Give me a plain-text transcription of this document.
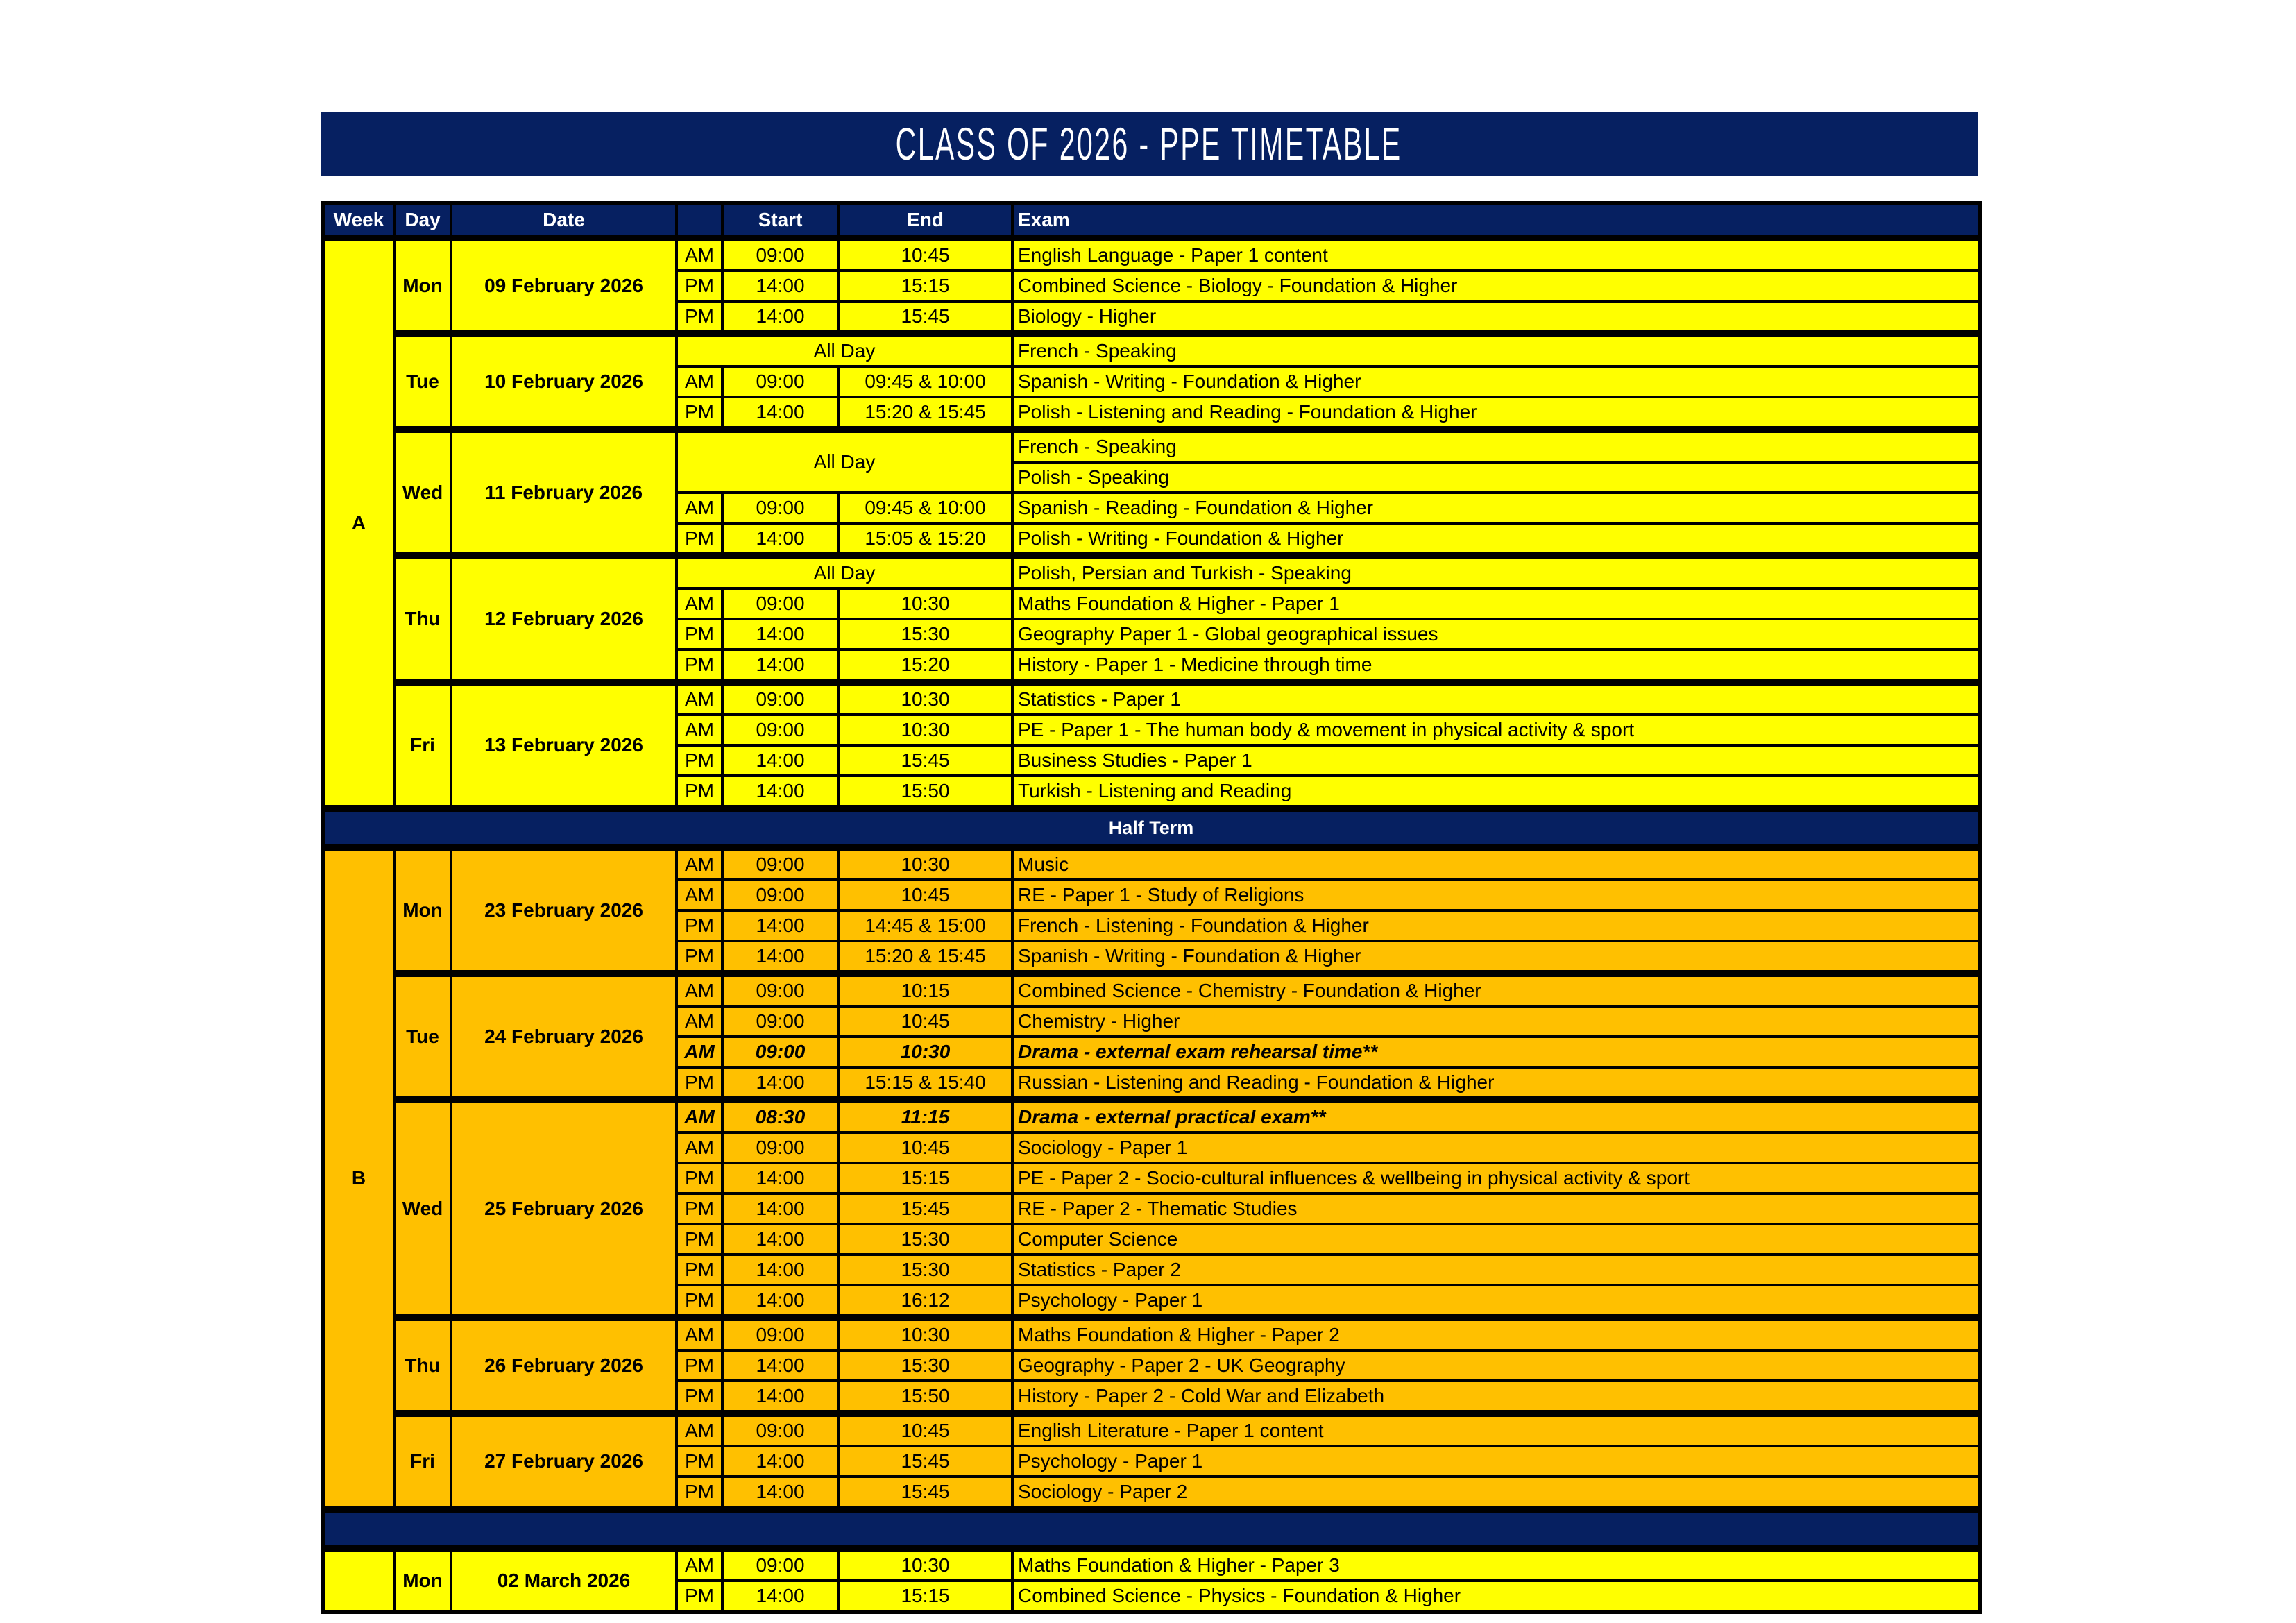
CLASS OF 2026 - PPE TIMETABLE
Week	Day	Date		Start	End	Exam
A	Mon	09 February 2026	AM	09:00	10:45	English Language - Paper 1 content
			PM	14:00	15:15	Combined Science - Biology - Foundation & Higher
			PM	14:00	15:45	Biology - Higher
	Tue	10 February 2026	All Day			French - Speaking
			AM	09:00	09:45 & 10:00	Spanish - Writing - Foundation & Higher
			PM	14:00	15:20 & 15:45	Polish - Listening and Reading - Foundation & Higher
	Wed	11 February 2026	All Day			French - Speaking
						Polish - Speaking
			AM	09:00	09:45 & 10:00	Spanish - Reading - Foundation & Higher
			PM	14:00	15:05 & 15:20	Polish - Writing - Foundation & Higher
	Thu	12 February 2026	All Day			Polish, Persian and Turkish - Speaking
			AM	09:00	10:30	Maths Foundation & Higher - Paper 1
			PM	14:00	15:30	Geography Paper 1 - Global geographical issues
			PM	14:00	15:20	History - Paper 1 - Medicine through time
	Fri	13 February 2026	AM	09:00	10:30	Statistics - Paper 1
			AM	09:00	10:30	PE - Paper 1 - The human body & movement in physical activity & sport
			PM	14:00	15:45	Business Studies - Paper 1
			PM	14:00	15:50	Turkish - Listening and Reading
Half Term						
B	Mon	23 February 2026	AM	09:00	10:30	Music
			AM	09:00	10:45	RE - Paper 1 - Study of Religions
			PM	14:00	14:45 & 15:00	French - Listening - Foundation & Higher
			PM	14:00	15:20 & 15:45	Spanish - Writing - Foundation & Higher
	Tue	24 February 2026	AM	09:00	10:15	Combined Science - Chemistry - Foundation & Higher
			AM	09:00	10:45	Chemistry - Higher
			AM	09:00	10:30	Drama - external exam rehearsal time**
			PM	14:00	15:15 & 15:40	Russian - Listening and Reading - Foundation & Higher
	Wed	25 February 2026	AM	08:30	11:15	Drama - external practical exam**
			AM	09:00	10:45	Sociology - Paper 1
			PM	14:00	15:15	PE - Paper 2 - Socio-cultural influences & wellbeing in physical activity & sport
			PM	14:00	15:45	RE - Paper 2 - Thematic Studies
			PM	14:00	15:30	Computer Science
			PM	14:00	15:30	Statistics - Paper 2
			PM	14:00	16:12	Psychology - Paper 1
	Thu	26 February 2026	AM	09:00	10:30	Maths Foundation & Higher - Paper 2
			PM	14:00	15:30	Geography - Paper 2 - UK Geography
			PM	14:00	15:50	History - Paper 2 - Cold War and Elizabeth
	Fri	27 February 2026	AM	09:00	10:45	English Literature - Paper 1 content
			PM	14:00	15:45	Psychology - Paper 1
			PM	14:00	15:45	Sociology - Paper 2

	Mon	02 March 2026	AM	09:00	10:30	Maths Foundation & Higher - Paper 3
			PM	14:00	15:15	Combined Science - Physics - Foundation & Higher
